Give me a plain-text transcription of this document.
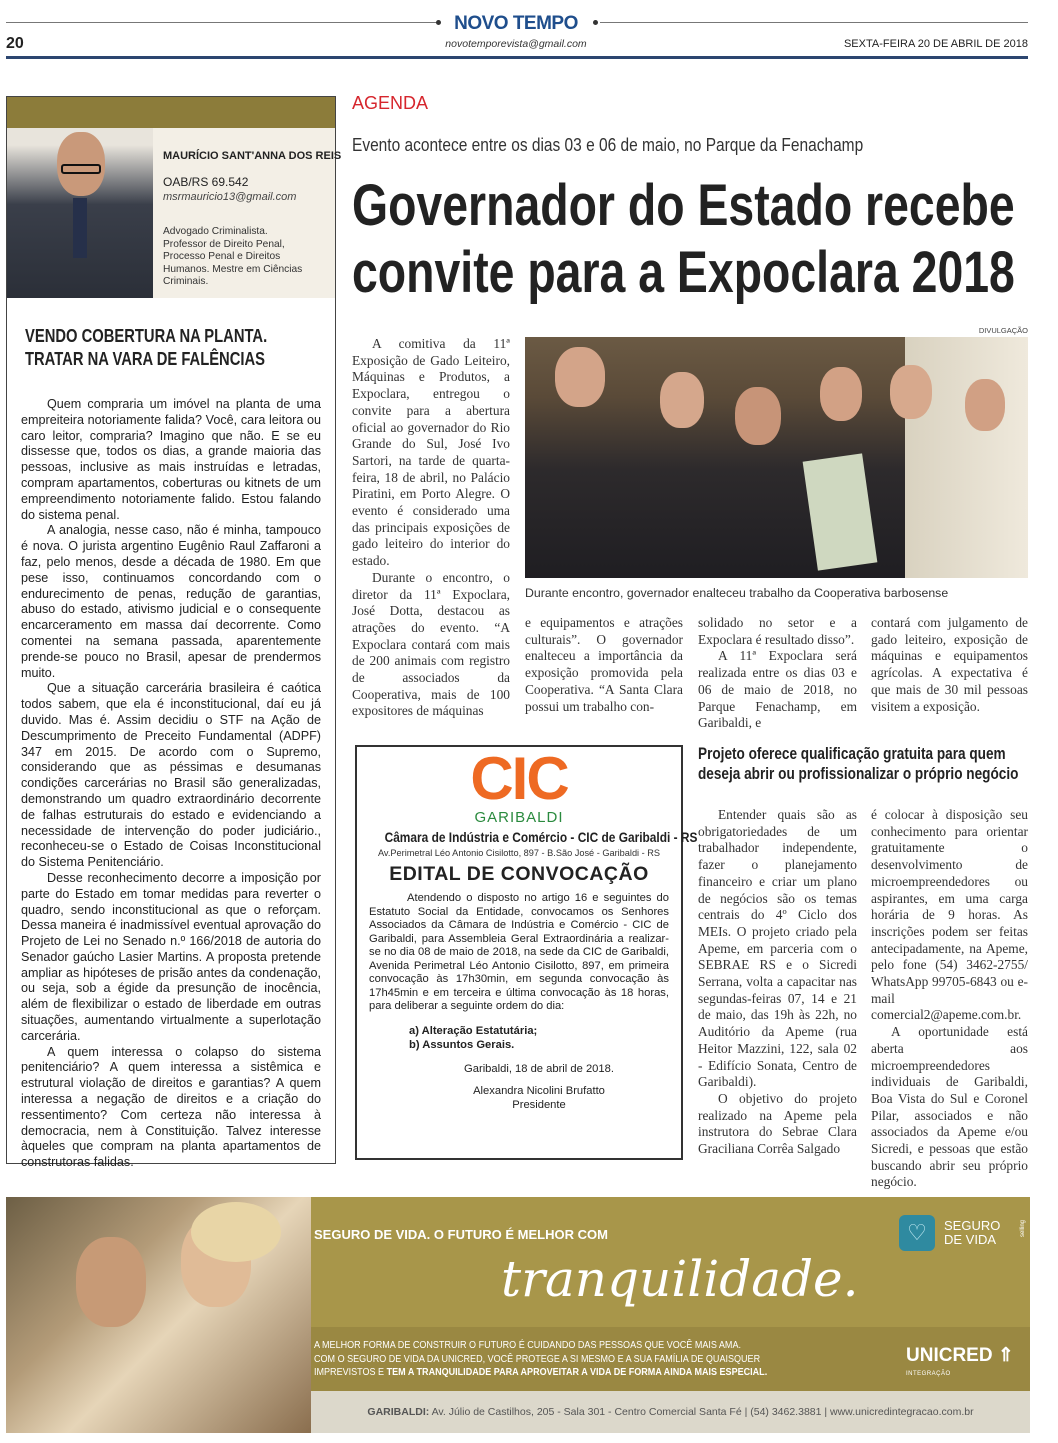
NOVO TEMPO
20	novotemporevista@gmail.com	SEXTA-FEIRA 20 DE ABRIL DE 2018
MAURÍCIO SANT'ANNA DOS REIS
OAB/RS 69.542
msrmauricio13@gmail.com
Advogado Criminalista. Professor de Direito Penal, Processo Penal e Direitos Humanos. Mestre em Ciências Criminais.
VENDO COBERTURA NA PLANTA.
TRATAR NA VARA DE FALÊNCIAS

Quem compraria um imóvel na planta de uma empreiteira notoriamente falida? Você, cara leitora ou caro leitor, compraria? Imagino que não. E se eu dissesse que, todos os dias, a grande maioria das pessoas, inclusive as mais instruídas e letradas, compram apartamentos, coberturas ou kitnets de um empreendimento notoriamente falido. Estou falando do sistema penal.

A analogia, nesse caso, não é minha, tampouco é nova. O jurista argentino Eugênio Raul Zaffaroni a faz, pelo menos, desde a década de 1980. Em que pese isso, continuamos concordando com o endurecimento de penas, redução de garantias, abuso do estado, ativismo judicial e o consequente encarceramento em massa daí decorrente. Como comentei na semana passada, aparentemente prende-se pouco no Brasil, apesar de prendermos muito.

Que a situação carcerária brasileira é caótica todos sabem, que ela é inconstitucional, daí eu já duvido. Mas é. Assim decidiu o STF na Ação de Descumprimento de Preceito Fundamental (ADPF) 347 em 2015. De acordo com o Supremo, considerando que as péssimas e desumanas condições carcerárias no Brasil são generalizadas, demonstrando um quadro extraordinário decorrente de falhas estruturais do estado e evidenciando a necessidade de intervenção do poder judiciário., reconheceu-se o Estado de Coisas Inconstitucional do Sistema Penitenciário.

Desse reconhecimento decorre a imposição por parte do Estado em tomar medidas para reverter o quadro, sendo inconstitucional as que o reforçam. Dessa maneira é inadmissível eventual aprovação do Projeto de Lei no Senado n.º 166/2018 de autoria do Senador gaúcho Lasier Martins. A proposta pretende ampliar as hipóteses de prisão antes da condenação, ou seja, sob a égide da presunção de inocência, além de flexibilizar o estado de liberdade em outras situações, aumentando virtualmente a superlotação carcerária.

A quem interessa o colapso do sistema penitenciário? A quem interessa a sistêmica e estrutural violação de direitos e garantias? A quem interessa a negação de direitos e a criação do ressentimento? Com certeza não interessa à democracia, nem à Constituição. Talvez interesse àqueles que compram na planta apartamentos de construtoras falidas.

AGENDA
Evento acontece entre os dias 03 e 06 de maio, no Parque da Fenachamp
Governador do Estado recebe
convite para a Expoclara 2018
DIVULGAÇÃO
Durante encontro, governador enalteceu trabalho da Cooperativa barbosense

A comitiva da 11ª Exposição de Gado Leiteiro, Máquinas e Produtos, a Expoclara, entregou o convite para a abertura oficial ao governador do Rio Grande do Sul, José Ivo Sartori, na tarde de quarta-feira, 18 de abril, no Palácio Piratini, em Porto Alegre. O evento é considerado uma das principais exposições de gado leiteiro do interior do estado.

Durante o encontro, o diretor da 11ª Expoclara, José Dotta, destacou as atrações do evento. “A Expoclara contará com mais de 200 animais com registro de associados da Cooperativa, mais de 100 expositores de máquinas

e equipamentos e atrações culturais”. O governador enalteceu a importância da exposição promovida pela Cooperativa. “A Santa Clara possui um trabalho con-

solidado no setor e a Expoclara é resultado disso”.

A 11ª Expoclara será realizada entre os dias 03 e 06 de maio de 2018, no Parque Fenachamp, em Garibaldi, e

contará com julgamento de gado leiteiro, exposição de máquinas e equipamentos agrícolas. A expectativa é que mais de 30 mil pessoas visitem a exposição.

CIC
GARIBALDI
Câmara de Indústria e Comércio - CIC de Garibaldi - RS
Av.Perimetral Léo Antonio Cisilotto, 897 - B.São José - Garibaldi - RS
EDITAL DE CONVOCAÇÃO
Atendendo o disposto no artigo 16 e seguintes do Estatuto Social da Entidade, convocamos os Senhores Associados da Câmara de Indústria e Comércio - CIC de Garibaldi, para Assembleia Geral Extraordinária a realizar-se no dia 08 de maio de 2018, na sede da CIC de Garibaldi, Avenida Perimetral Léo Antonio Cisilotto, 897, em primeira convocação às 17h30min, em segunda convocação às 17h45min e em terceira e última convocação às 18 horas, para deliberar a seguinte ordem do dia:
a) Alteração Estatutária;
b) Assuntos Gerais.
Garibaldi, 18 de abril de 2018.
Alexandra Nicolini Brufatto
Presidente
Projeto oferece qualificação gratuita para quem
deseja abrir ou profissionalizar o próprio negócio

Entender quais são as obrigatoriedades de um trabalhador independente, fazer o planejamento financeiro e criar um plano de negócios são os temas centrais do 4º Ciclo dos MEIs. O projeto criado pela Apeme, em parceria com o SEBRAE RS e o Sicredi Serrana, volta a capacitar nas segundas-feiras 07, 14 e 21 de maio, das 19h às 22h, no Auditório da Apeme (rua Heitor Mazzini, 122, sala 02 - Edifício Sonata, Centro de Garibaldi).

O objetivo do projeto realizado na Apeme pela instrutora do Sebrae Clara Graciliana Corrêa Salgado

é colocar à disposição seu conhecimento para orientar gratuitamente o desenvolvimento de microempreendedores ou aspirantes, em uma carga horária de 9 horas. As inscrições podem ser feitas antecipadamente, na Apeme, pelo fone (54) 3462-2755/ WhatsApp 99705-6843 ou e-mail comercial2@apeme.com.br.

A oportunidade está aberta aos microempreendedores individuais de Garibaldi, Boa Vista do Sul e Coronel Pilar, associados e não associados da Apeme e/ou Sicredi, e pessoas que estão buscando abrir seu próprio negócio.

SEGURO DE VIDA. O FUTURO É MELHOR COM
tranquilidade.
♡	SEGURO DE VIDA
selling
A MELHOR FORMA DE CONSTRUIR O FUTURO É CUIDANDO DAS PESSOAS QUE VOCÊ MAIS AMA.
COM O SEGURO DE VIDA DA UNICRED, VOCÊ PROTEGE A SI MESMO E A SUA FAMÍLIA DE QUAISQUER
IMPREVISTOS E TEM A TRANQUILIDADE PARA APROVEITAR A VIDA DE FORMA AINDA MAIS ESPECIAL.
UNICRED ⇑
INTEGRAÇÃO
GARIBALDI: Av. Júlio de Castilhos, 205 - Sala 301 - Centro Comercial Santa Fé | (54) 3462.3881 | www.unicredintegracao.com.br
